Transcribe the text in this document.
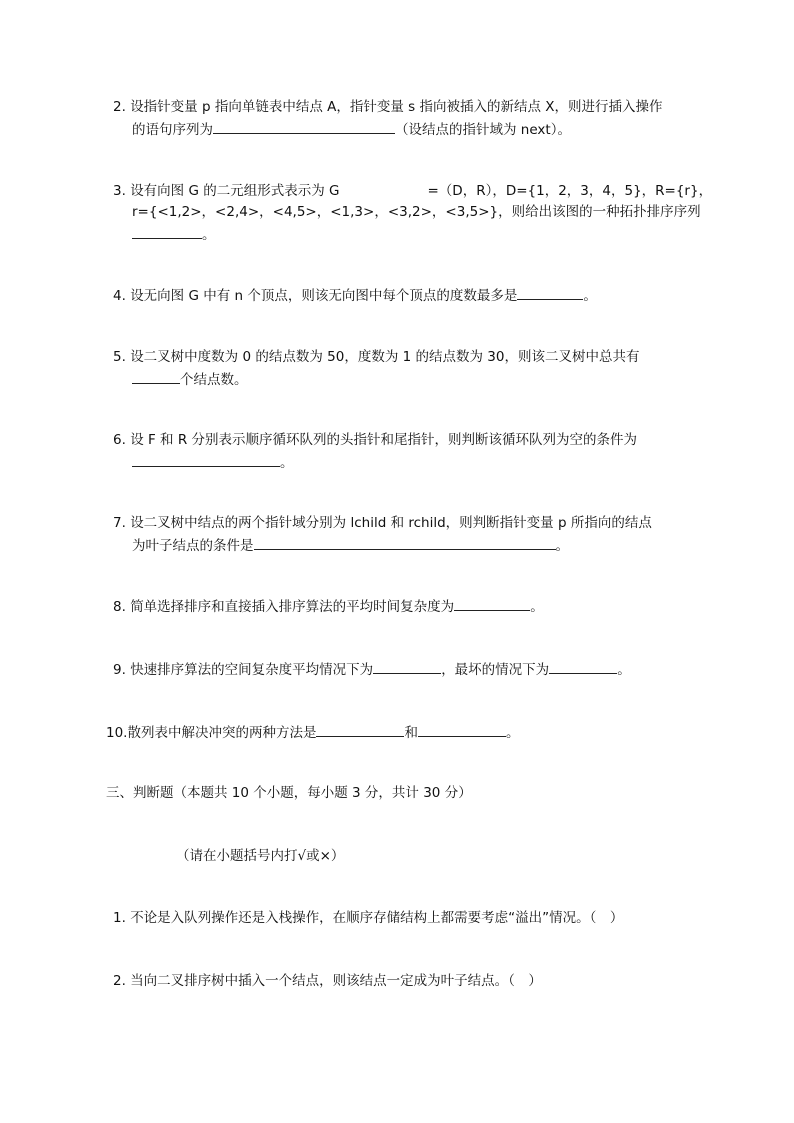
2. 设指针变量 p 指向单链表中结点 A，指针变量 s 指向被插入的新结点 X，则进行插入操作
的语句序列为	（设结点的指针域为 next）。
3. 设有向图 G 的二元组形式表示为 G	=（D，R），D={1，2，3，4，5}，R={r}，
r={<1,2>，<2,4>，<4,5>，<1,3>，<3,2>，<3,5>}，则给出该图的一种拓扑排序序列
。
4. 设无向图 G 中有 n 个顶点，则该无向图中每个顶点的度数最多是	。
5. 设二叉树中度数为 0 的结点数为 50，度数为 1 的结点数为 30，则该二叉树中总共有
个结点数。
6. 设 F 和 R 分别表示顺序循环队列的头指针和尾指针，则判断该循环队列为空的条件为
。
7. 设二叉树中结点的两个指针域分别为 lchild 和 rchild，则判断指针变量 p 所指向的结点
为叶子结点的条件是	。
8. 简单选择排序和直接插入排序算法的平均时间复杂度为	。
9. 快速排序算法的空间复杂度平均情况下为	，最坏的情况下为	。
10.散列表中解决冲突的两种方法是	和	。
三、判断题（本题共 10 个小题，每小题 3 分，共计 30 分）
（请在小题括号内打√或×）
1. 不论是入队列操作还是入栈操作，在顺序存储结构上都需要考虑“溢出”情况。（　）
2. 当向二叉排序树中插入一个结点，则该结点一定成为叶子结点。（　）
